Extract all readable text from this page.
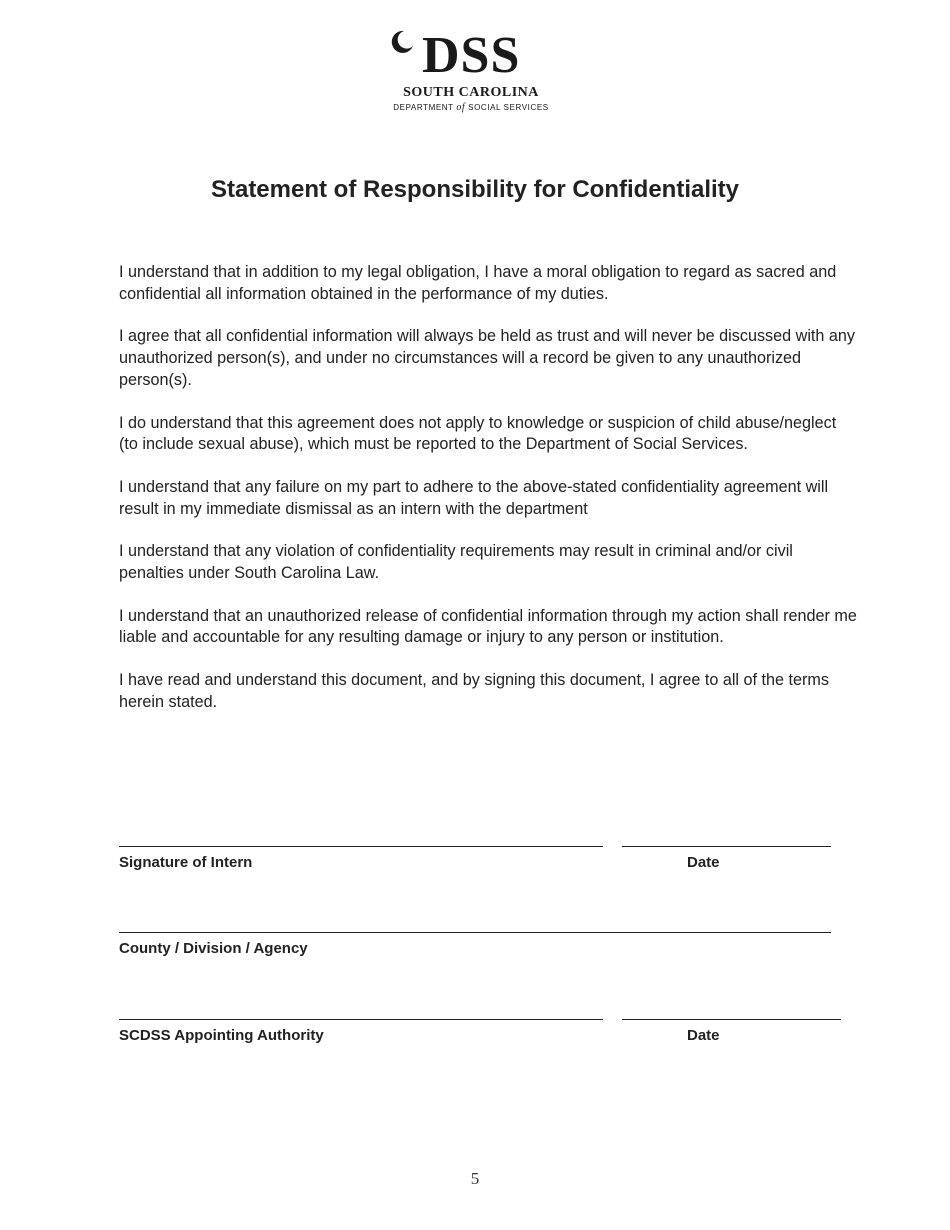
DSS
SOUTH CAROLINA
DEPARTMENT of SOCIAL SERVICES
Statement of Responsibility for Confidentiality

I understand that in addition to my legal obligation, I have a moral obligation to regard as sacred and confidential all information obtained in the performance of my duties.

I agree that all confidential information will always be held as trust and will never be discussed with any unauthorized person(s), and under no circumstances will a record be given to any unauthorized person(s).

I do understand that this agreement does not apply to knowledge or suspicion of child abuse/neglect (to include sexual abuse), which must be reported to the Department of Social Services.

I understand that any failure on my part to adhere to the above-stated confidentiality agreement will result in my immediate dismissal as an intern with the department

I understand that any violation of confidentiality requirements may result in criminal and/or civil penalties under South Carolina Law.

I understand that an unauthorized release of confidential information through my action shall render me liable and accountable for any resulting damage or injury to any person or institution.

I have read and understand this document, and by signing this document, I agree to all of the terms herein stated.

Signature of Intern	Date
County / Division / Agency
SCDSS Appointing Authority	Date
5
